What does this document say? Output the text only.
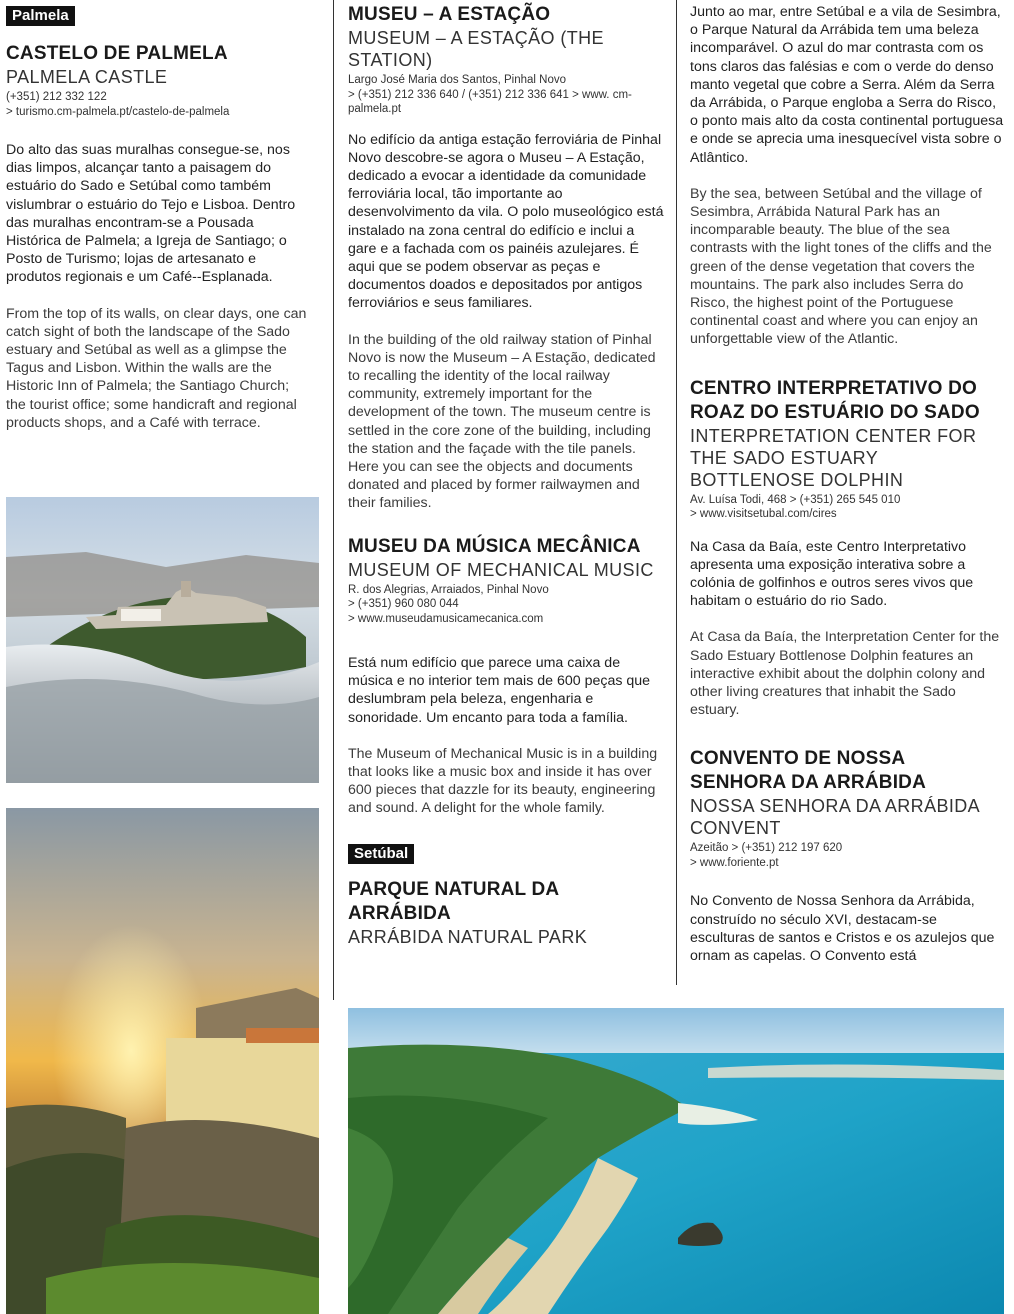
Palmela
CASTELO DE PALMELA
PALMELA CASTLE
(+351) 212 332 122
> turismo.cm-palmela.pt/castelo-de-palmela

Do alto das suas muralhas consegue-se, nos dias limpos, alcançar tanto a paisagem do estuário do Sado e Setúbal como também vislumbrar o estuário do Tejo e Lisboa. Dentro das muralhas encontram-se a Pousada Histórica de Palmela; a Igreja de Santiago; o Posto de Turismo; lojas de artesanato e produtos regionais e um Café--Esplanada.

From the top of its walls, on clear days, one can catch sight of both the landscape of the Sado estuary and Setúbal as well as a glimpse the Tagus and Lisbon. Within the walls are the Historic Inn of Palmela; the Santiago Church; the tourist office; some handicraft and regional products shops, and a Café with terrace.

MUSEU – A ESTAÇÃO
MUSEUM – A ESTAÇÃO (THE STATION)
Largo José Maria dos Santos, Pinhal Novo
> (+351) 212 336 640 / (+351) 212 336 641 > www. cm-palmela.pt

No edifício da antiga estação ferroviária de Pinhal Novo descobre-se agora o Museu – A Estação, dedicado a evocar a identidade da comunidade ferroviária local, tão importante ao desenvolvimento da vila. O polo museológico está instalado na zona central do edifício e inclui a gare e a fachada com os painéis azulejares. É aqui que se podem observar as peças e documentos doados e depositados por antigos ferroviários e seus familiares.

In the building of the old railway station of Pinhal Novo is now the Museum – A Estação, dedicated to recalling the identity of the local railway community, extremely important for the development of the town. The museum centre is settled in the core zone of the building, including the station and the façade with the tile panels. Here you can see the objects and documents donated and placed by former railwaymen and their families.

MUSEU DA MÚSICA MECÂNICA
MUSEUM OF MECHANICAL MUSIC
R. dos Alegrias, Arraiados, Pinhal Novo
> (+351) 960 080 044
> www.museudamusicamecanica.com

Está num edifício que parece uma caixa de música e no interior tem mais de 600 peças que deslumbram pela beleza, engenharia e sonoridade. Um encanto para toda a família.

The Museum of Mechanical Music is in a building that looks like a music box and inside it has over 600 pieces that dazzle for its beauty, engineering and sound. A delight for the whole family.

Setúbal
PARQUE NATURAL DA ARRÁBIDA
ARRÁBIDA NATURAL PARK

Junto ao mar, entre Setúbal e a vila de Sesimbra, o Parque Natural da Arrábida tem uma beleza incomparável. O azul do mar contrasta com os tons claros das falésias e com o verde do denso manto vegetal que cobre a Serra. Além da Serra da Arrábida, o Parque engloba a Serra do Risco, o ponto mais alto da costa continental portuguesa e onde se aprecia uma inesquecível vista sobre o Atlântico.

By the sea, between Setúbal and the village of Sesimbra, Arrábida Natural Park has an incomparable beauty. The blue of the sea contrasts with the light tones of the cliffs and the green of the dense vegetation that covers the mountains. The park also includes Serra do Risco, the highest point of the Portuguese continental coast and where you can enjoy an unforgettable view of the Atlantic.

CENTRO INTERPRETATIVO DO ROAZ DO ESTUÁRIO DO SADO
INTERPRETATION CENTER FOR THE SADO ESTUARY BOTTLENOSE DOLPHIN
Av. Luísa Todi, 468 > (+351) 265 545 010
> www.visitsetubal.com/cires

Na Casa da Baía, este Centro Interpretativo apresenta uma exposição interativa sobre a colónia de golfinhos e outros seres vivos que habitam o estuário do rio Sado.

At Casa da Baía, the Interpretation Center for the Sado Estuary Bottlenose Dolphin features an interactive exhibit about the dolphin colony and other living creatures that inhabit the Sado estuary.

CONVENTO DE NOSSA SENHORA DA ARRÁBIDA
NOSSA SENHORA DA ARRÁBIDA CONVENT
Azeitão > (+351) 212 197 620
> www.foriente.pt

No Convento de Nossa Senhora da Arrábida, construído no século XVI, destacam-se esculturas de santos e Cristos e os azulejos que ornam as capelas. O Convento está
